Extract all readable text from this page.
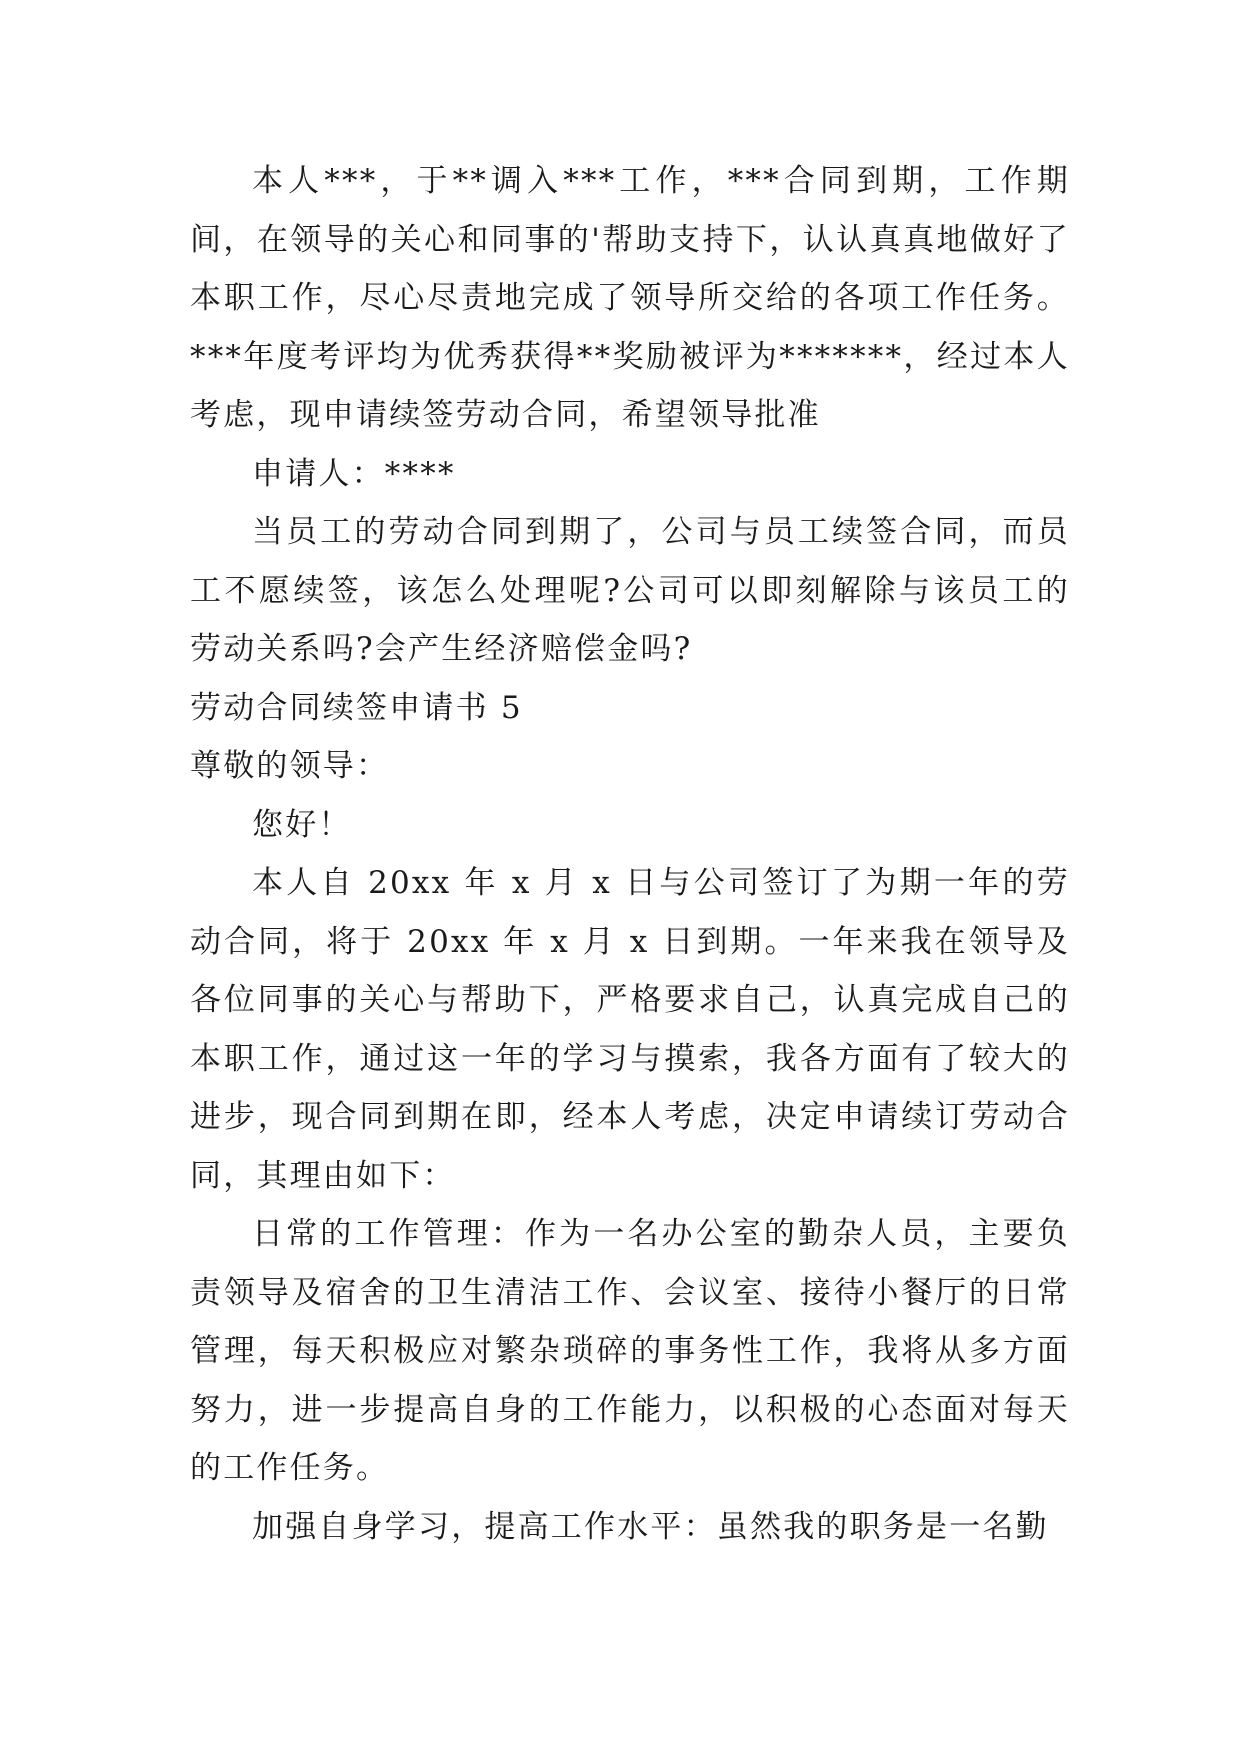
本人***，于**调入***工作，***合同到期，工作期间，在领导的关心和同事的'帮助支持下，认认真真地做好了本职工作，尽心尽责地完成了领导所交给的各项工作任务。***年度考评均为优秀获得**奖励被评为*******，经过本人考虑，现申请续签劳动合同，希望领导批准

申请人：****

当员工的劳动合同到期了，公司与员工续签合同，而员工不愿续签，该怎么处理呢?公司可以即刻解除与该员工的劳动关系吗?会产生经济赔偿金吗?

劳动合同续签申请书 5

尊敬的领导：

您好！

本人自 20xx 年 x 月 x 日与公司签订了为期一年的劳动合同，将于 20xx 年 x 月 x 日到期。一年来我在领导及各位同事的关心与帮助下，严格要求自己，认真完成自己的本职工作，通过这一年的学习与摸索，我各方面有了较大的进步，现合同到期在即，经本人考虑，决定申请续订劳动合同，其理由如下：

日常的工作管理：作为一名办公室的勤杂人员，主要负责领导及宿舍的卫生清洁工作、会议室、接待小餐厅的日常管理，每天积极应对繁杂琐碎的事务性工作，我将从多方面努力，进一步提高自身的工作能力，以积极的心态面对每天的工作任务。

加强自身学习，提高工作水平：虽然我的职务是一名勤
